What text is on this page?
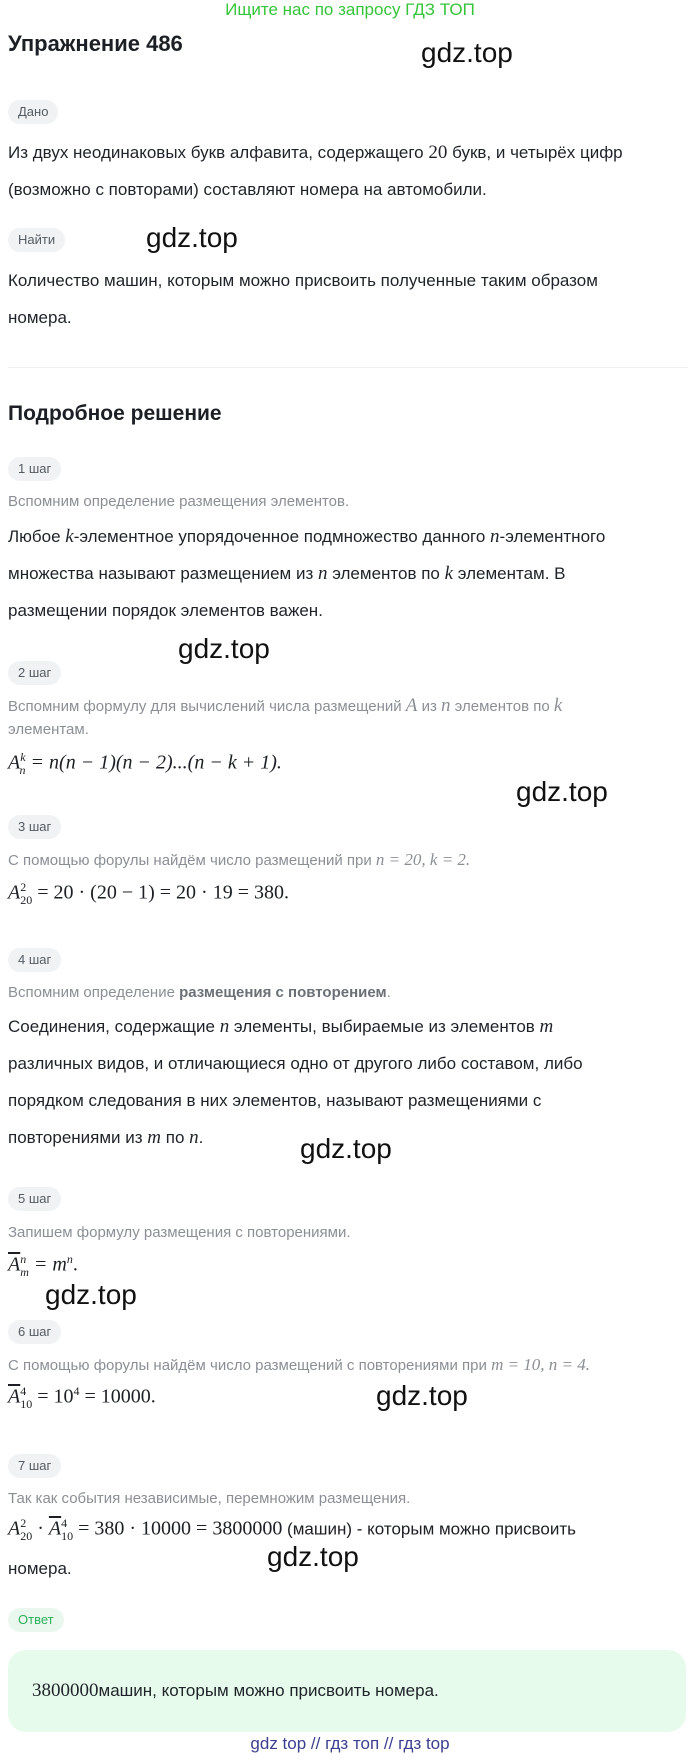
Ищите нас по запросу ГДЗ ТОП
Упражнение 486	gdz.top
Дано
Из двух неодинаковых букв алфавита, содержащего 20 букв, и четырёх цифр
(возможно с повторами) составляют номера на автомобили.
Найти	gdz.top
Количество машин, которым можно присвоить полученные таким образом
номера.
Подробное решение
1 шаг
Вспомним определение размещения элементов.
Любое k-элементное упорядоченное подмножество данного n-элементного
множества называют размещением из n элементов по k элементам. В
размещении порядок элементов важен.
gdz.top
2 шаг
Вспомним формулу для вычислений числа размещений A из n элементов по k
элементам.
$A^k_n = n(n - 1)(n - 2)...(n - k + 1)$.
gdz.top
3 шаг
С помощью форулы найдём число размещений при n = 20, k = 2.
$A^2_{20} = 20 \cdot (20 - 1) = 20 \cdot 19 = 380$.
4 шаг
Вспомним определение размещения с повторением.
Соединения, содержащие n элементы, выбираемые из элементов m
различных видов, и отличающиеся одно от другого либо составом, либо
порядком следования в них элементов, называют размещениями с
повторениями из m по n.	gdz.top
5 шаг
Запишем формулу размещения с повторениями.
$\overline{A}^n_m = m^n$.
gdz.top
6 шаг
С помощью форулы найдём число размещений с повторениями при m = 10, n = 4.
$\overline{A}^4_{10} = 10^4 = 10000$.	gdz.top
7 шаг
Так как события независимые, перемножим размещения.
$A^2_{20} \cdot \overline{A}^4_{10} = 380 \cdot 10000 = 3800000$ (машин) - которым можно присвоить
номера.	gdz.top
Ответ
3800000 машин, которым можно присвоить номера.
gdz top // гдз топ // гдз top
